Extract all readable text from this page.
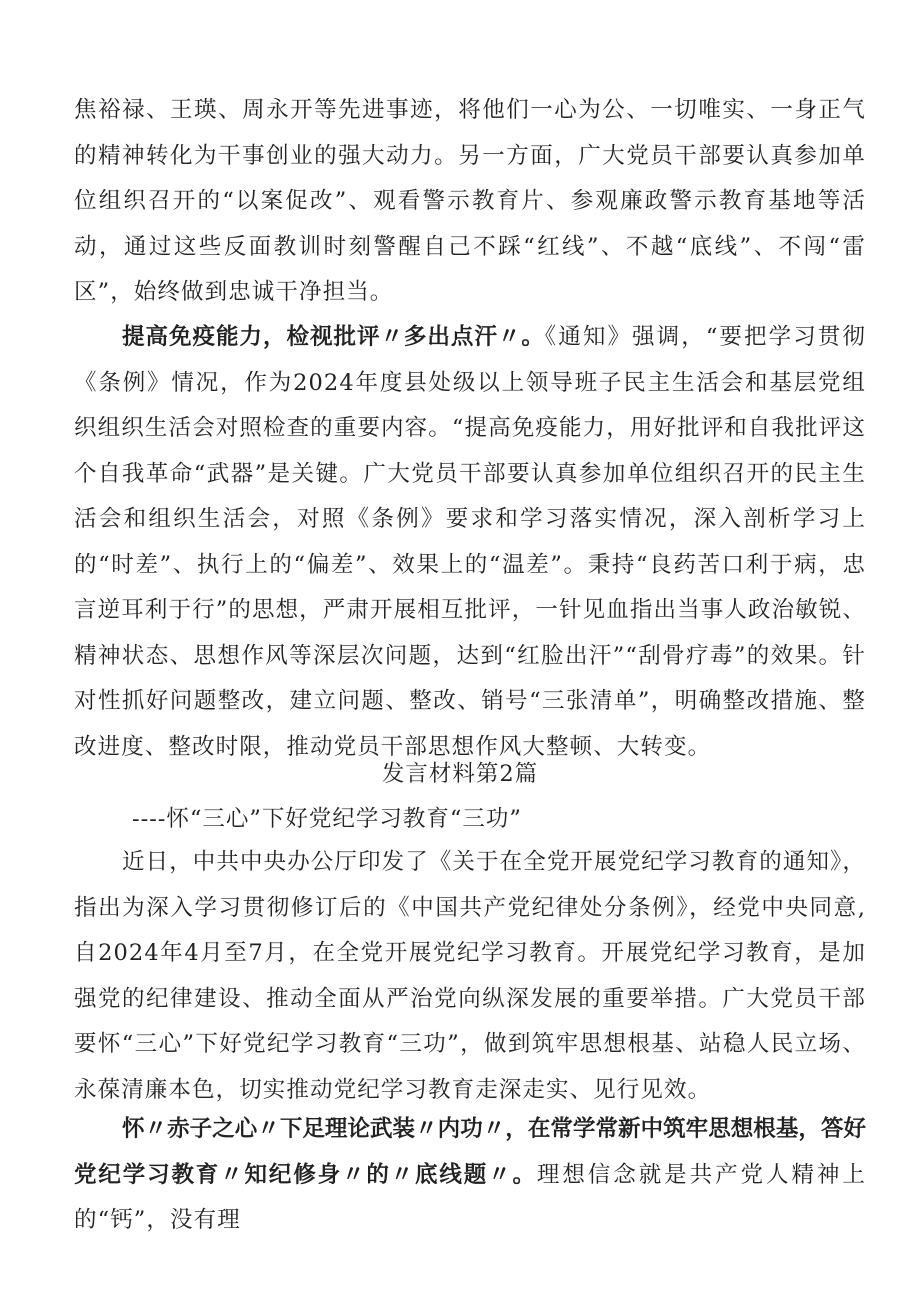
焦裕禄、王瑛、周永开等先进事迹，将他们一心为公、一切唯实、一身正气的精神转化为干事创业的强大动力。另一方面，广大党员干部要认真参加单位组织召开的“以案促改”、观看警示教育片、参观廉政警示教育基地等活动，通过这些反面教训时刻警醒自己不踩“红线”、不越“底线”、不闯“雷区”，始终做到忠诚干净担当。

提高免疫能力，检视批评〃多出点汗〃。《通知》强调，“要把学习贯彻《条例》情况，作为2024年度县处级以上领导班子民主生活会和基层党组织组织生活会对照检查的重要内容。“提高免疫能力，用好批评和自我批评这个自我革命“武器”是关键。广大党员干部要认真参加单位组织召开的民主生活会和组织生活会，对照《条例》要求和学习落实情况，深入剖析学习上的“时差”、执行上的“偏差”、效果上的“温差”。秉持“良药苦口利于病，忠言逆耳利于行”的思想，严肃开展相互批评，一针见血指出当事人政治敏锐、精神状态、思想作风等深层次问题，达到“红脸出汗”“刮骨疗毒”的效果。针对性抓好问题整改，建立问题、整改、销号“三张清单”，明确整改措施、整改进度、整改时限，推动党员干部思想作风大整顿、大转变。

发言材料第2篇
----怀“三心”下好党纪学习教育“三功”

近日，中共中央办公厅印发了《关于在全党开展党纪学习教育的通知》，指出为深入学习贯彻修订后的《中国共产党纪律处分条例》，经党中央同意,自2024年4月至7月，在全党开展党纪学习教育。开展党纪学习教育，是加强党的纪律建设、推动全面从严治党向纵深发展的重要举措。广大党员干部要怀“三心”下好党纪学习教育“三功”，做到筑牢思想根基、站稳人民立场、永葆清廉本色，切实推动党纪学习教育走深走实、见行见效。

怀〃赤子之心〃下足理论武装〃内功〃，在常学常新中筑牢思想根基，答好党纪学习教育〃知纪修身〃的〃底线题〃。理想信念就是共产党人精神上的“钙”，没有理
